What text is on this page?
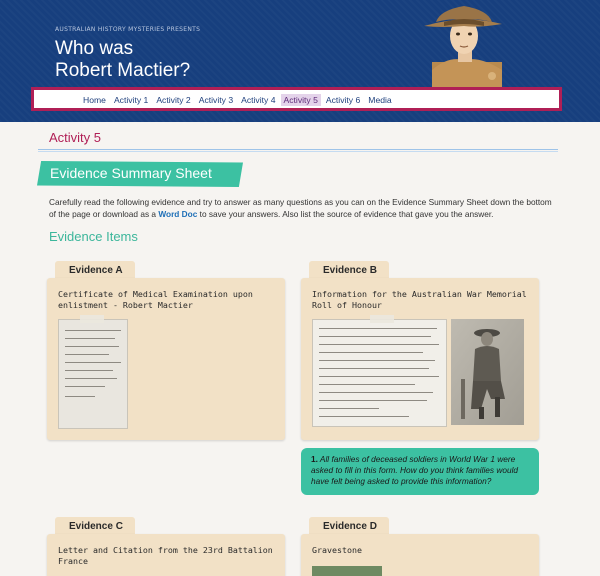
AUSTRALIAN HISTORY MYSTERIES PRESENTS
Who was
Robert Mactier?
Home Activity 1 Activity 2 Activity 3 Activity 4 Activity 5 Activity 6 Media
Activity 5
Evidence Summary Sheet
Carefully read the following evidence and try to answer as many questions as you can on the Evidence Summary Sheet down the bottom of the page or download as a Word Doc to save your answers. Also list the source of evidence that gave you the answer.
Evidence Items
Evidence A
Certificate of Medical Examination upon enlistment - Robert Mactier
Evidence B
Information for the Australian War Memorial Roll of Honour
1. All families of deceased soldiers in World War 1 were asked to fill in this form. How do you think families would have felt being asked to provide this information?
Evidence C
Letter and Citation from the 23rd Battalion France
Evidence D
Gravestone
